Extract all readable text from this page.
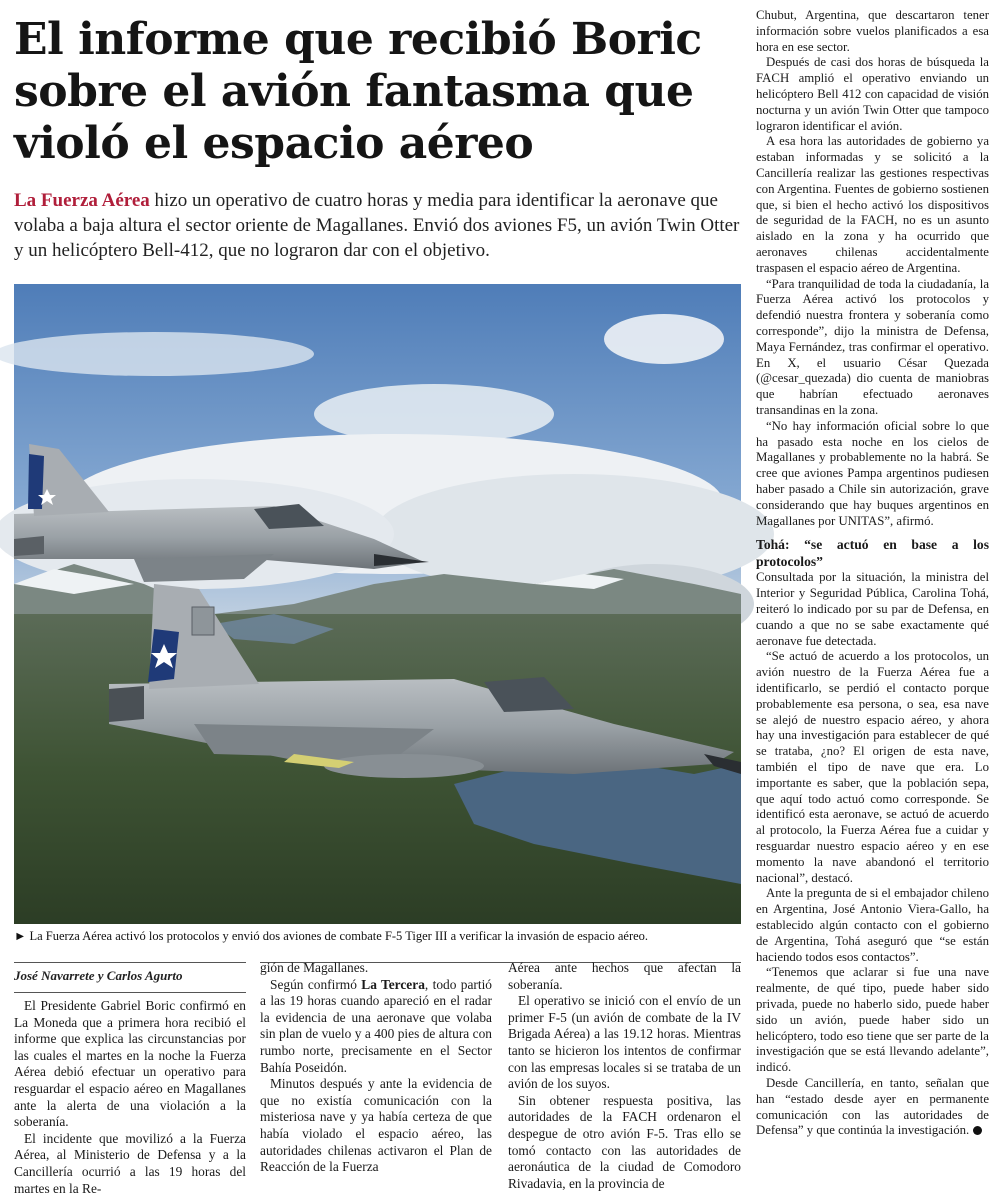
El informe que recibió Boric
sobre el avión fantasma que
violó el espacio aéreo

La Fuerza Aérea hizo un operativo de cuatro horas y media para identificar la aeronave que volaba a baja altura el sector oriente de Magallanes. Envió dos aviones F5, un avión Twin Otter y un helicóptero Bell-412, que no lograron dar con el objetivo.

► La Fuerza Aérea activó los protocolos y envió dos aviones de combate F-5 Tiger III a verificar la invasión de espacio aéreo.

José Navarrete y Carlos Agurto

El Presidente Gabriel Boric confirmó en La Moneda que a primera hora recibió el informe que explica las circunstancias por las cuales el martes en la noche la Fuerza Aérea debió efectuar un operativo para resguardar el espacio aéreo en Magallanes ante la alerta de una violación a la soberanía.

El incidente que movilizó a la Fuerza Aérea, al Ministerio de Defensa y a la Cancillería ocurrió a las 19 horas del martes en la Re-

gión de Magallanes.

Según confirmó La Tercera, todo partió a las 19 horas cuando apareció en el radar la evidencia de una aeronave que volaba sin plan de vuelo y a 400 pies de altura con rumbo norte, precisamente en el Sector Bahía Poseidón.

Minutos después y ante la evidencia de que no existía comunicación con la misteriosa nave y ya había certeza de que había violado el espacio aéreo, las autoridades chilenas activaron el Plan de Reacción de la Fuerza

Aérea ante hechos que afectan la soberanía.

El operativo se inició con el envío de un primer F-5 (un avión de combate de la IV Brigada Aérea) a las 19.12 horas. Mientras tanto se hicieron los intentos de confirmar con las empresas locales si se trataba de un avión de los suyos.

Sin obtener respuesta positiva, las autoridades de la FACH ordenaron el despegue de otro avión F-5. Tras ello se tomó contacto con las autoridades de aeronáutica de la ciudad de Comodoro Rivadavia, en la provincia de

Chubut, Argentina, que descartaron tener información sobre vuelos planificados a esa hora en ese sector.

Después de casi dos horas de búsqueda la FACH amplió el operativo enviando un helicóptero Bell 412 con capacidad de visión nocturna y un avión Twin Otter que tampoco lograron identificar el avión.

A esa hora las autoridades de gobierno ya estaban informadas y se solicitó a la Cancillería realizar las gestiones respectivas con Argentina. Fuentes de gobierno sostienen que, si bien el hecho activó los dispositivos de seguridad de la FACH, no es un asunto aislado en la zona y ha ocurrido que aeronaves chilenas accidentalmente traspasen el espacio aéreo de Argentina.

“Para tranquilidad de toda la ciudadanía, la Fuerza Aérea activó los protocolos y defendió nuestra frontera y soberanía como corresponde”, dijo la ministra de Defensa, Maya Fernández, tras confirmar el operativo. En X, el usuario César Quezada (@cesar_quezada) dio cuenta de maniobras que habrían efectuado aeronaves transandinas en la zona.

“No hay información oficial sobre lo que ha pasado esta noche en los cielos de Magallanes y probablemente no la habrá. Se cree que aviones Pampa argentinos pudiesen haber pasado a Chile sin autorización, grave considerando que hay buques argentinos en Magallanes por UNITAS”, afirmó.

Tohá: “se actuó en base a los protocolos”

Consultada por la situación, la ministra del Interior y Seguridad Pública, Carolina Tohá, reiteró lo indicado por su par de Defensa, en cuando a que no se sabe exactamente qué aeronave fue detectada.

“Se actuó de acuerdo a los protocolos, un avión nuestro de la Fuerza Aérea fue a identificarlo, se perdió el contacto porque probablemente esa persona, o sea, esa nave se alejó de nuestro espacio aéreo, y ahora hay una investigación para establecer de qué se trataba, ¿no? El origen de esta nave, también el tipo de nave que era. Lo importante es saber, que la población sepa, que aquí todo actuó como corresponde. Se identificó esta aeronave, se actuó de acuerdo al protocolo, la Fuerza Aérea fue a cuidar y resguardar nuestro espacio aéreo y en ese momento la nave abandonó el territorio nacional”, destacó.

Ante la pregunta de si el embajador chileno en Argentina, José Antonio Viera-Gallo, ha establecido algún contacto con el gobierno de Argentina, Tohá aseguró que “se están haciendo todos esos contactos”.

“Tenemos que aclarar si fue una nave realmente, de qué tipo, puede haber sido privada, puede no haberlo sido, puede haber sido un avión, puede haber sido un helicóptero, todo eso tiene que ser parte de la investigación que se está llevando adelante”, indicó.

Desde Cancillería, en tanto, señalan que han “estado desde ayer en permanente comunicación con las autoridades de Defensa” y que continúa la investigación.
